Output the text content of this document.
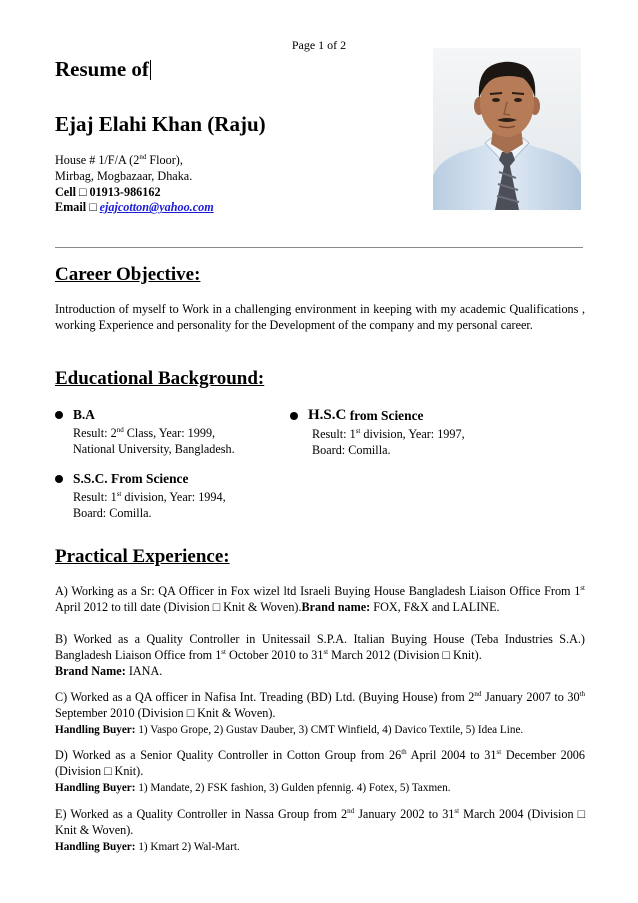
Page 1 of 2
Resume of
Ejaj Elahi Khan (Raju)
House # 1/F/A (2nd Floor),
Mirbag, Mogbazaar, Dhaka.
Cell □ 01913-986162
Email □ ejajcotton@yahoo.com
Career Objective:
Introduction of myself to Work in a challenging environment in keeping with my academic Qualifications , working Experience and personality for the Development of the company and my personal career.
Educational Background:
B.A
Result: 2nd Class, Year: 1999,
National University, Bangladesh.
H.S.C
from Science
Result: 1st division, Year: 1997,
Board: Comilla.
S.S.C. From Science
Result: 1st division, Year: 1994,
Board: Comilla.
Practical Experience:
A) Working as a Sr: QA Officer in Fox wizel ltd Israeli Buying House Bangladesh Liaison Office From 1st April 2012 to till date (Division □ Knit & Woven).Brand name: FOX, F&X and LALINE.
B) Worked as a Quality Controller in Unitessail S.P.A. Italian Buying House (Teba Industries S.A.) Bangladesh Liaison Office from 1st October 2010 to 31st March 2012 (Division □ Knit).
Brand Name: IANA.
C) Worked as a QA officer in Nafisa Int. Treading (BD) Ltd. (Buying House) from 2nd January 2007 to 30th September 2010 (Division □ Knit & Woven).
Handling Buyer: 1) Vaspo Grope, 2) Gustav Dauber, 3) CMT Winfield, 4) Davico Textile, 5) Idea Line.
D) Worked as a Senior Quality Controller in Cotton Group from 26th April 2004 to 31st December 2006 (Division □ Knit).
Handling Buyer: 1) Mandate, 2) FSK fashion, 3) Gulden pfennig. 4) Fotex, 5) Taxmen.
E) Worked as a Quality Controller in Nassa Group from 2nd January 2002 to 31st March 2004 (Division □ Knit & Woven).
Handling Buyer: 1) Kmart 2) Wal-Mart.
